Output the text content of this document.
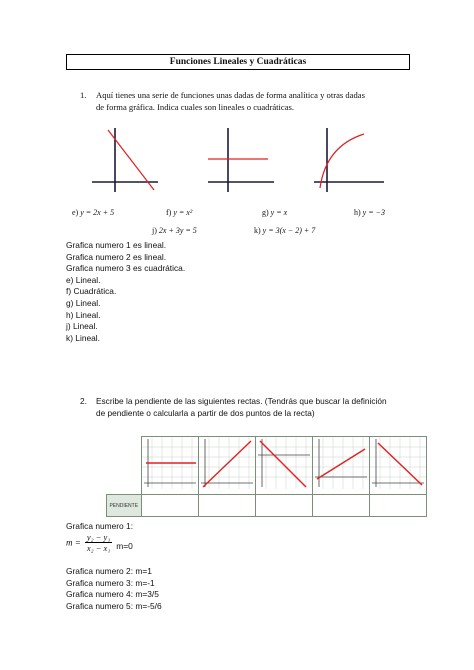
Funciones Lineales y Cuadráticas
1. Aquí tienes una serie de funciones unas dadas de forma analítica y otras dadas
de forma gráfica. Indica cuales son lineales o cuadráticas.
e) y = 2x + 5	f) y = x²	g) y = x	h) y = −3
j) 2x + 3y = 5	k) y = 3(x − 2) + 7
Grafica numero 1 es lineal.
Grafica numero 2 es lineal.
Grafica numero 3 es cuadrática.
e) Lineal.
f) Cuadrática.
g) Lineal.
h) Lineal.
j) Lineal.
k) Lineal.
2. Escribe la pendiente de las siguientes rectas. (Tendrás que buscar la definición
de pendiente o calcularla a partir de dos puntos de la recta)

PENDIENTE					
Grafica numero 1:
$m = \frac{\text{y₂ − y₁}}{\text{x₂ − x₁}} _{m=0}$
Grafica numero 2: m=1
Grafica numero 3: m=-1
Grafica numero 4: m=3/5
Grafica numero 5: m=-5/6
